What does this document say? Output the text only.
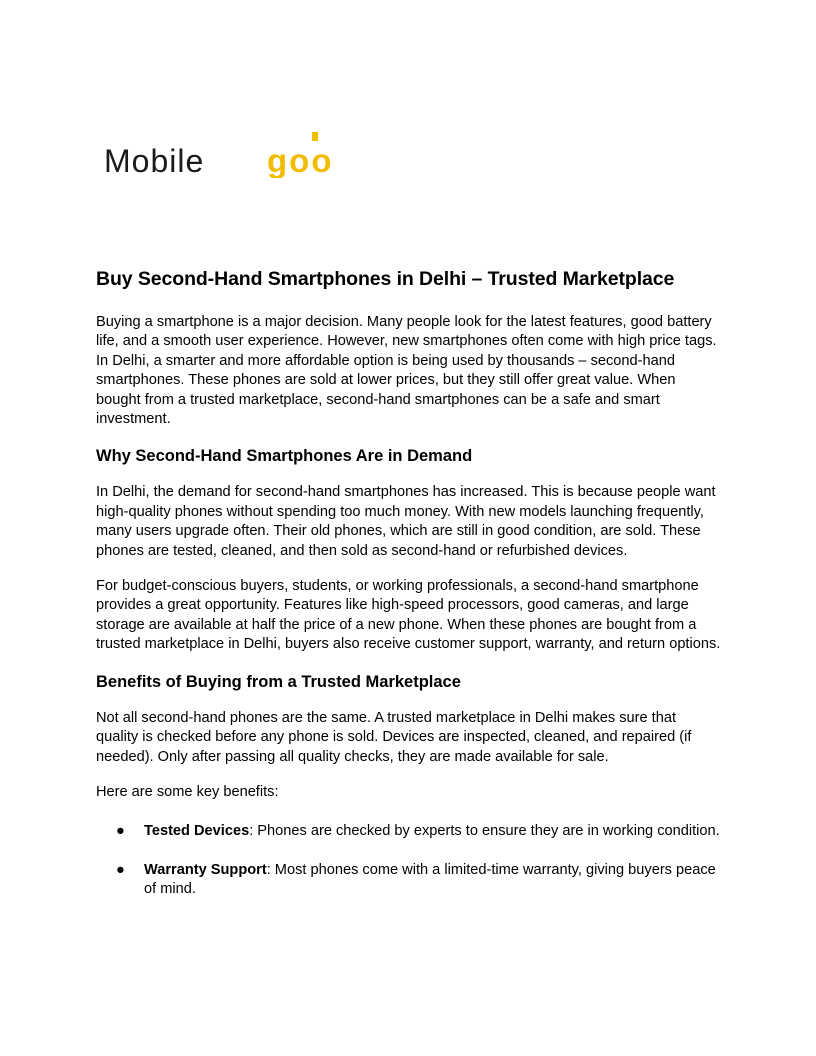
Mobile goo
Buy Second-Hand Smartphones in Delhi – Trusted Marketplace

Buying a smartphone is a major decision. Many people look for the latest features, good battery life, and a smooth user experience. However, new smartphones often come with high price tags. In Delhi, a smarter and more affordable option is being used by thousands – second-hand smartphones. These phones are sold at lower prices, but they still offer great value. When bought from a trusted marketplace, second-hand smartphones can be a safe and smart investment.

Why Second-Hand Smartphones Are in Demand

In Delhi, the demand for second-hand smartphones has increased. This is because people want high-quality phones without spending too much money. With new models launching frequently, many users upgrade often. Their old phones, which are still in good condition, are sold. These phones are tested, cleaned, and then sold as second-hand or refurbished devices.

For budget-conscious buyers, students, or working professionals, a second-hand smartphone provides a great opportunity. Features like high-speed processors, good cameras, and large storage are available at half the price of a new phone. When these phones are bought from a trusted marketplace in Delhi, buyers also receive customer support, warranty, and return options.

Benefits of Buying from a Trusted Marketplace

Not all second-hand phones are the same. A trusted marketplace in Delhi makes sure that quality is checked before any phone is sold. Devices are inspected, cleaned, and repaired (if needed). Only after passing all quality checks, they are made available for sale.

Here are some key benefits:

● Tested Devices: Phones are checked by experts to ensure they are in working condition.
● Warranty Support: Most phones come with a limited-time warranty, giving buyers peace of mind.
